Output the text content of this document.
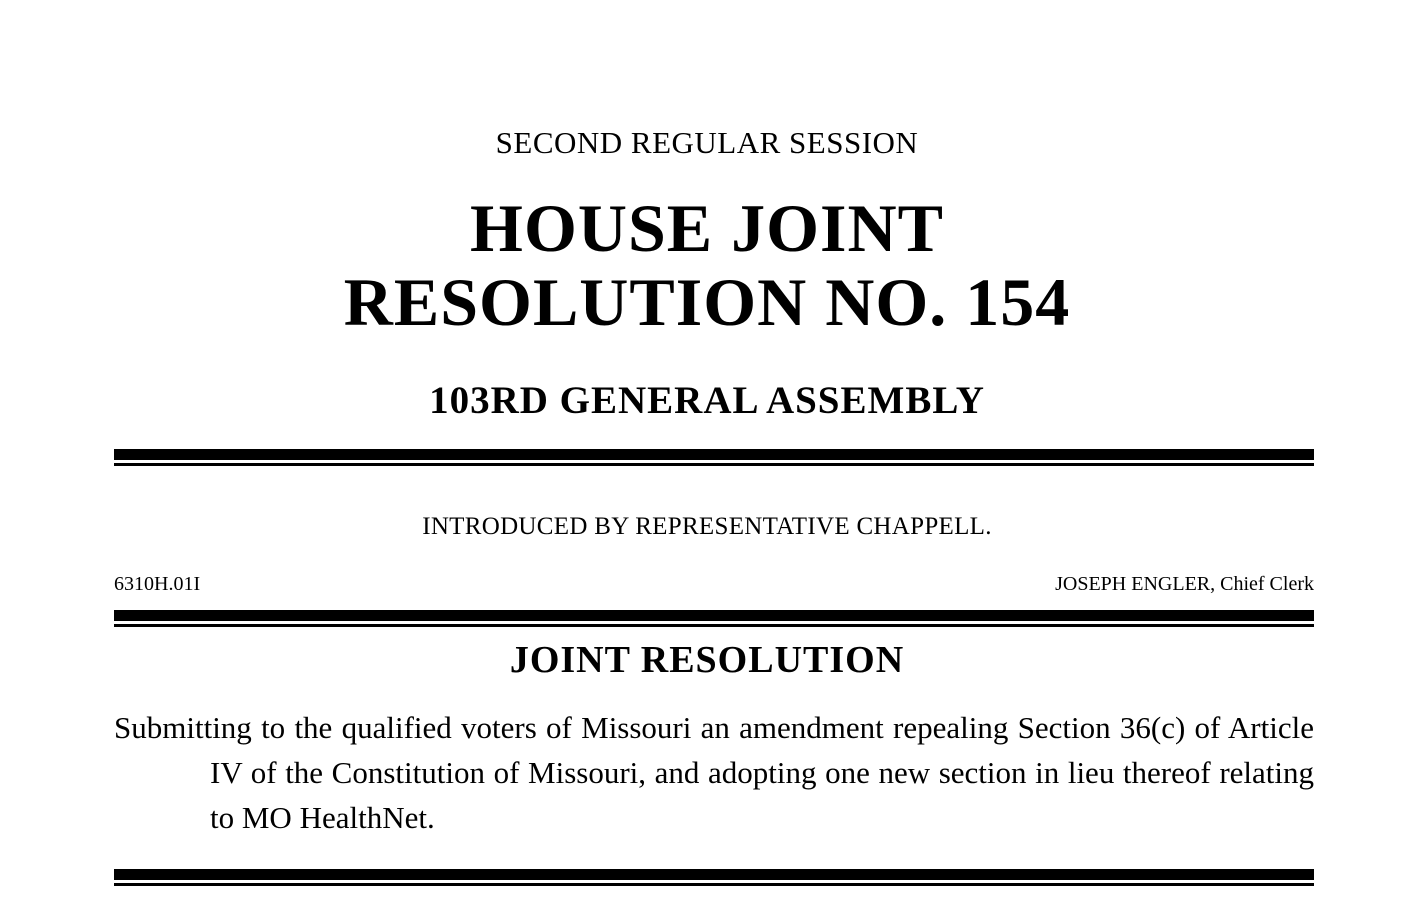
SECOND REGULAR SESSION
HOUSE JOINT
RESOLUTION NO. 154
103RD GENERAL ASSEMBLY
INTRODUCED BY REPRESENTATIVE CHAPPELL.
6310H.01I	JOSEPH ENGLER, Chief Clerk
JOINT RESOLUTION
Submitting to the qualified voters of Missouri an amendment repealing Section 36(c) of Article IV of the Constitution of Missouri, and adopting one new section in lieu thereof relating to MO HealthNet.
